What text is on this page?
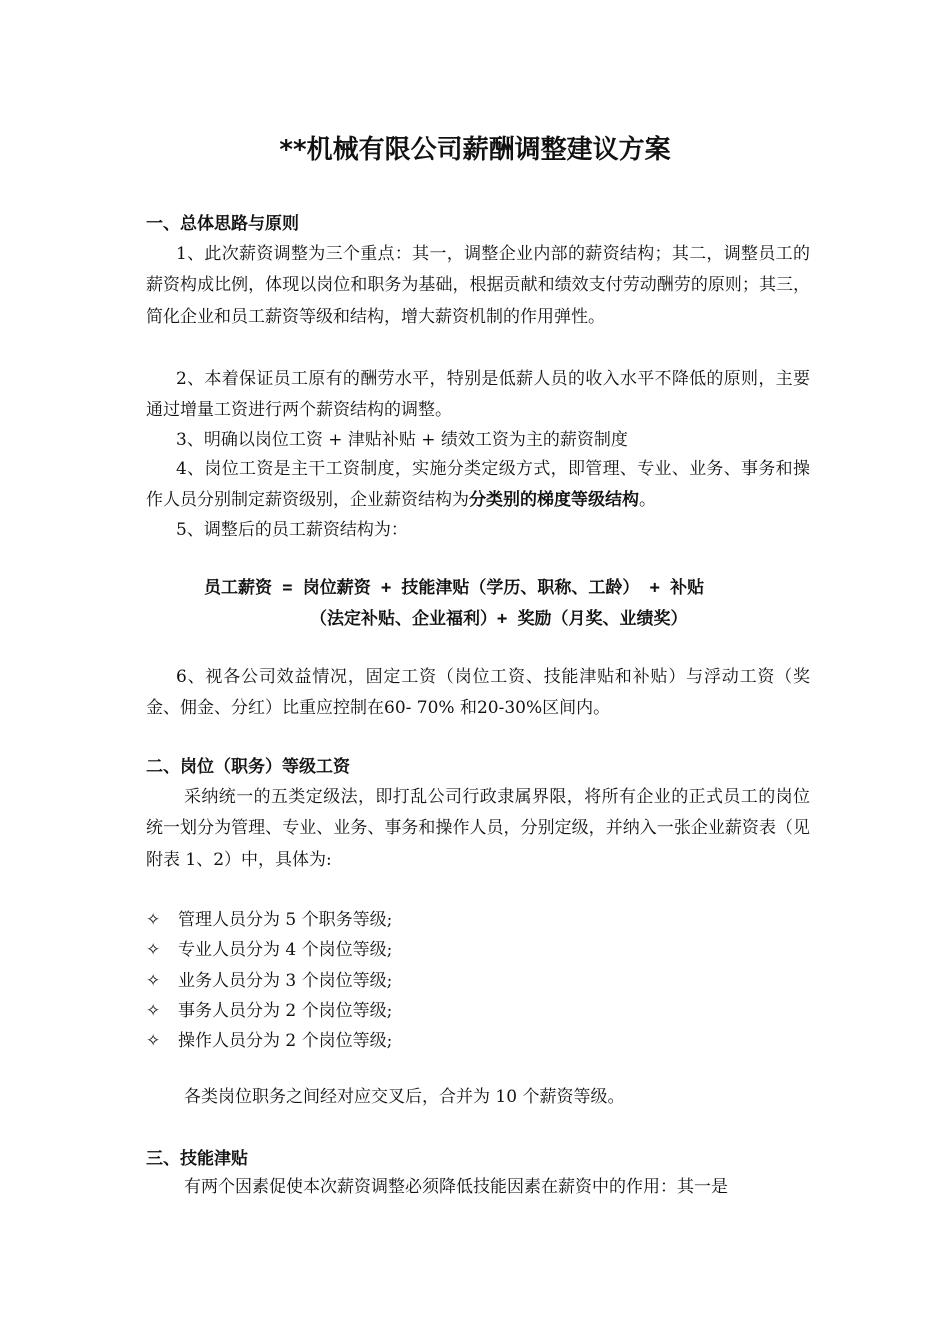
**机械有限公司薪酬调整建议方案
一、总体思路与原则
1、此次薪资调整为三个重点：其一，调整企业内部的薪资结构；其二，调整员工的薪资构成比例，体现以岗位和职务为基础，根据贡献和绩效支付劳动酬劳的原则；其三，简化企业和员工薪资等级和结构，增大薪资机制的作用弹性。
2、本着保证员工原有的酬劳水平，特别是低薪人员的收入水平不降低的原则，主要通过增量工资进行两个薪资结构的调整。
3、明确以岗位工资 + 津贴补贴 + 绩效工资为主的薪资制度
4、岗位工资是主干工资制度，实施分类定级方式，即管理、专业、业务、事务和操作人员分别制定薪资级别，企业薪资结构为分类别的梯度等级结构。
5、调整后的员工薪资结构为：
员工薪资 = 岗位薪资 + 技能津贴（学历、职称、工龄） + 补贴
（法定补贴、企业福利）+ 奖励（月奖、业绩奖）
6、视各公司效益情况，固定工资（岗位工资、技能津贴和补贴）与浮动工资（奖金、佣金、分红）比重应控制在60- 70% 和20-30%区间内。
二、岗位（职务）等级工资
采纳统一的五类定级法，即打乱公司行政隶属界限，将所有企业的正式员工的岗位统一划分为管理、专业、业务、事务和操作人员，分别定级，并纳入一张企业薪资表（见附表 1、2）中，具体为:
✧ 管理人员分为 5 个职务等级;
✧ 专业人员分为 4 个岗位等级;
✧ 业务人员分为 3 个岗位等级;
✧ 事务人员分为 2 个岗位等级;
✧ 操作人员分为 2 个岗位等级;
各类岗位职务之间经对应交叉后，合并为 10 个薪资等级。
三、技能津贴
有两个因素促使本次薪资调整必须降低技能因素在薪资中的作用：其一是
